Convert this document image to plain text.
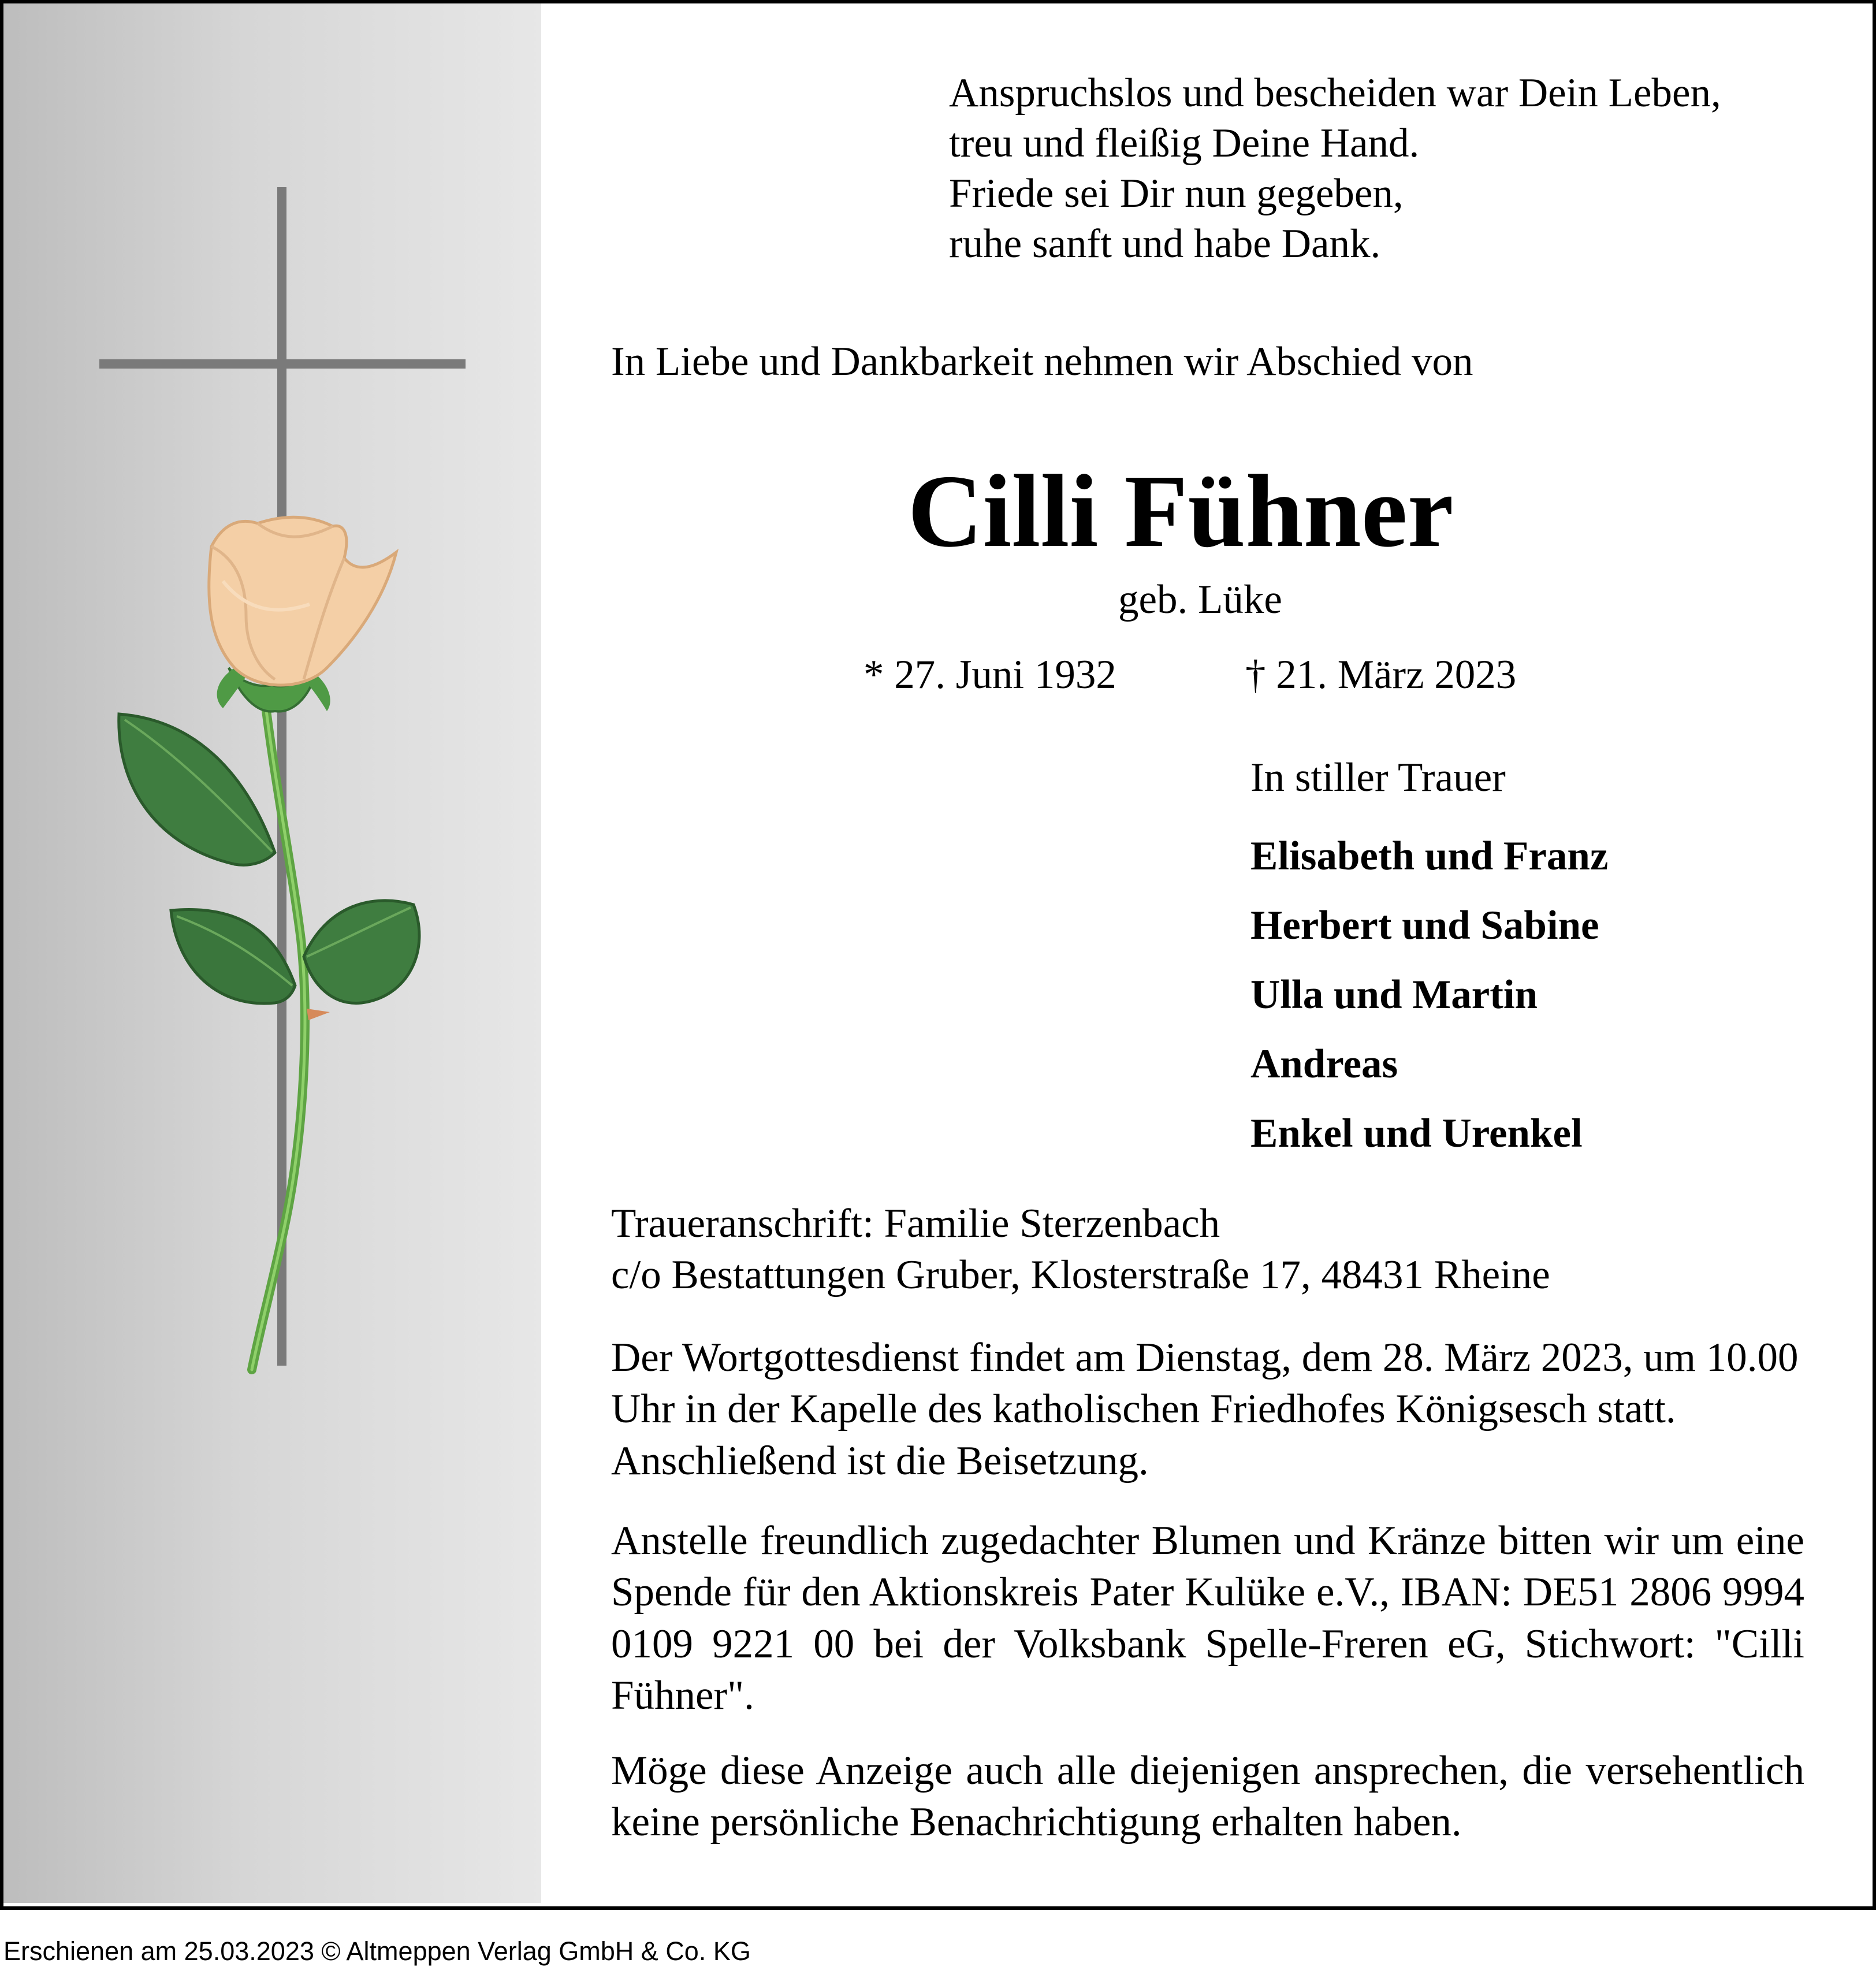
Anspruchslos und bescheiden war Dein Leben,
treu und fleißig Deine Hand.
Friede sei Dir nun gegeben,
ruhe sanft und habe Dank.
In Liebe und Dankbarkeit nehmen wir Abschied von
Cilli Fühner
geb. Lüke
* 27. Juni 1932	† 21. März 2023
In stiller Trauer
Elisabeth und Franz
Herbert und Sabine
Ulla und Martin
Andreas
Enkel und Urenkel
Traueranschrift: Familie Sterzenbach
c/o Bestattungen Gruber, Klosterstraße 17, 48431 Rheine
Der Wortgottesdienst findet am Dienstag, dem 28. März 2023, um 10.00 Uhr in der Kapelle des katholischen Friedhofes Königsesch statt. Anschließend ist die Beisetzung.
Anstelle freundlich zugedachter Blumen und Kränze bitten wir um eine Spende für den Aktionskreis Pater Kulüke e.V., IBAN: DE51 2806 9994 0109 9221 00 bei der Volksbank Spelle-Freren eG, Stichwort: "Cilli Fühner".
Möge diese Anzeige auch alle diejenigen ansprechen, die versehentlich keine persönliche Benachrichtigung erhalten haben.
Erschienen am 25.03.2023 © Altmeppen Verlag GmbH & Co. KG
